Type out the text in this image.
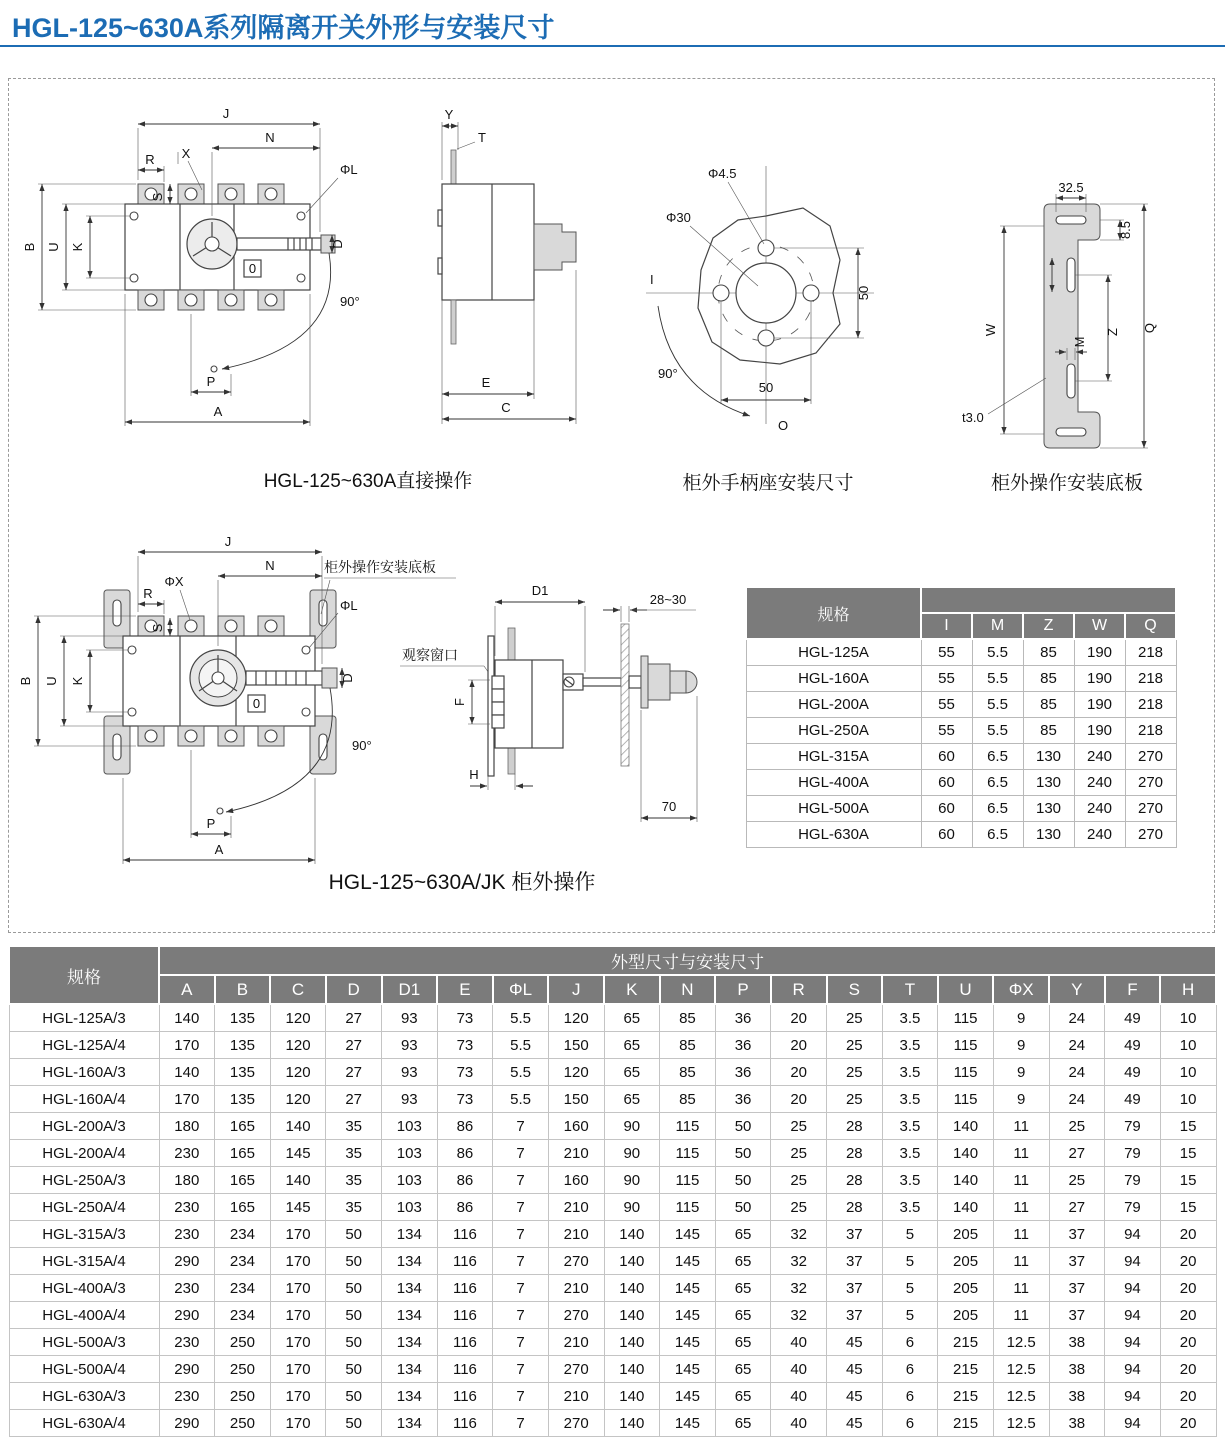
HGL-125~630A系列隔离开关外形与安装尺寸
0
J
N
R X
S
ΦL
D
B U K
90°
P
A
Y
T
E
C
Φ4.5
Φ30
50
50
I
90°
O
32.5
8.5
M
W	Z Q
t3.0
0
柜外操作安装底板
J
N
R
ΦX
S
ΦL
D
B U K
90°
P
A
观察窗口
F
D1
28~30
H
70
HGL-125~630A直接操作	柜外手柄座安装尺寸	柜外操作安装底板
HGL-125~630A/JK 柜外操作
规格					
	I	M	Z	W	Q
HGL-125A	55	5.5	85	190	218
HGL-160A	55	5.5	85	190	218
HGL-200A	55	5.5	85	190	218
HGL-250A	55	5.5	85	190	218
HGL-315A	60	6.5	130	240	270
HGL-400A	60	6.5	130	240	270
HGL-500A	60	6.5	130	240	270
HGL-630A	60	6.5	130	240	270
规格	外型尺寸与安装尺寸																		
	A	B	C	D	D1	E	ΦL	J	K	N	P	R	S	T	U	ΦX	Y	F	H
HGL-125A/3	140	135	120	27	93	73	5.5	120	65	85	36	20	25	3.5	115	9	24	49	10
HGL-125A/4	170	135	120	27	93	73	5.5	150	65	85	36	20	25	3.5	115	9	24	49	10
HGL-160A/3	140	135	120	27	93	73	5.5	120	65	85	36	20	25	3.5	115	9	24	49	10
HGL-160A/4	170	135	120	27	93	73	5.5	150	65	85	36	20	25	3.5	115	9	24	49	10
HGL-200A/3	180	165	140	35	103	86	7	160	90	115	50	25	28	3.5	140	11	25	79	15
HGL-200A/4	230	165	145	35	103	86	7	210	90	115	50	25	28	3.5	140	11	27	79	15
HGL-250A/3	180	165	140	35	103	86	7	160	90	115	50	25	28	3.5	140	11	25	79	15
HGL-250A/4	230	165	145	35	103	86	7	210	90	115	50	25	28	3.5	140	11	27	79	15
HGL-315A/3	230	234	170	50	134	116	7	210	140	145	65	32	37	5	205	11	37	94	20
HGL-315A/4	290	234	170	50	134	116	7	270	140	145	65	32	37	5	205	11	37	94	20
HGL-400A/3	230	234	170	50	134	116	7	210	140	145	65	32	37	5	205	11	37	94	20
HGL-400A/4	290	234	170	50	134	116	7	270	140	145	65	32	37	5	205	11	37	94	20
HGL-500A/3	230	250	170	50	134	116	7	210	140	145	65	40	45	6	215	12.5	38	94	20
HGL-500A/4	290	250	170	50	134	116	7	270	140	145	65	40	45	6	215	12.5	38	94	20
HGL-630A/3	230	250	170	50	134	116	7	210	140	145	65	40	45	6	215	12.5	38	94	20
HGL-630A/4	290	250	170	50	134	116	7	270	140	145	65	40	45	6	215	12.5	38	94	20
